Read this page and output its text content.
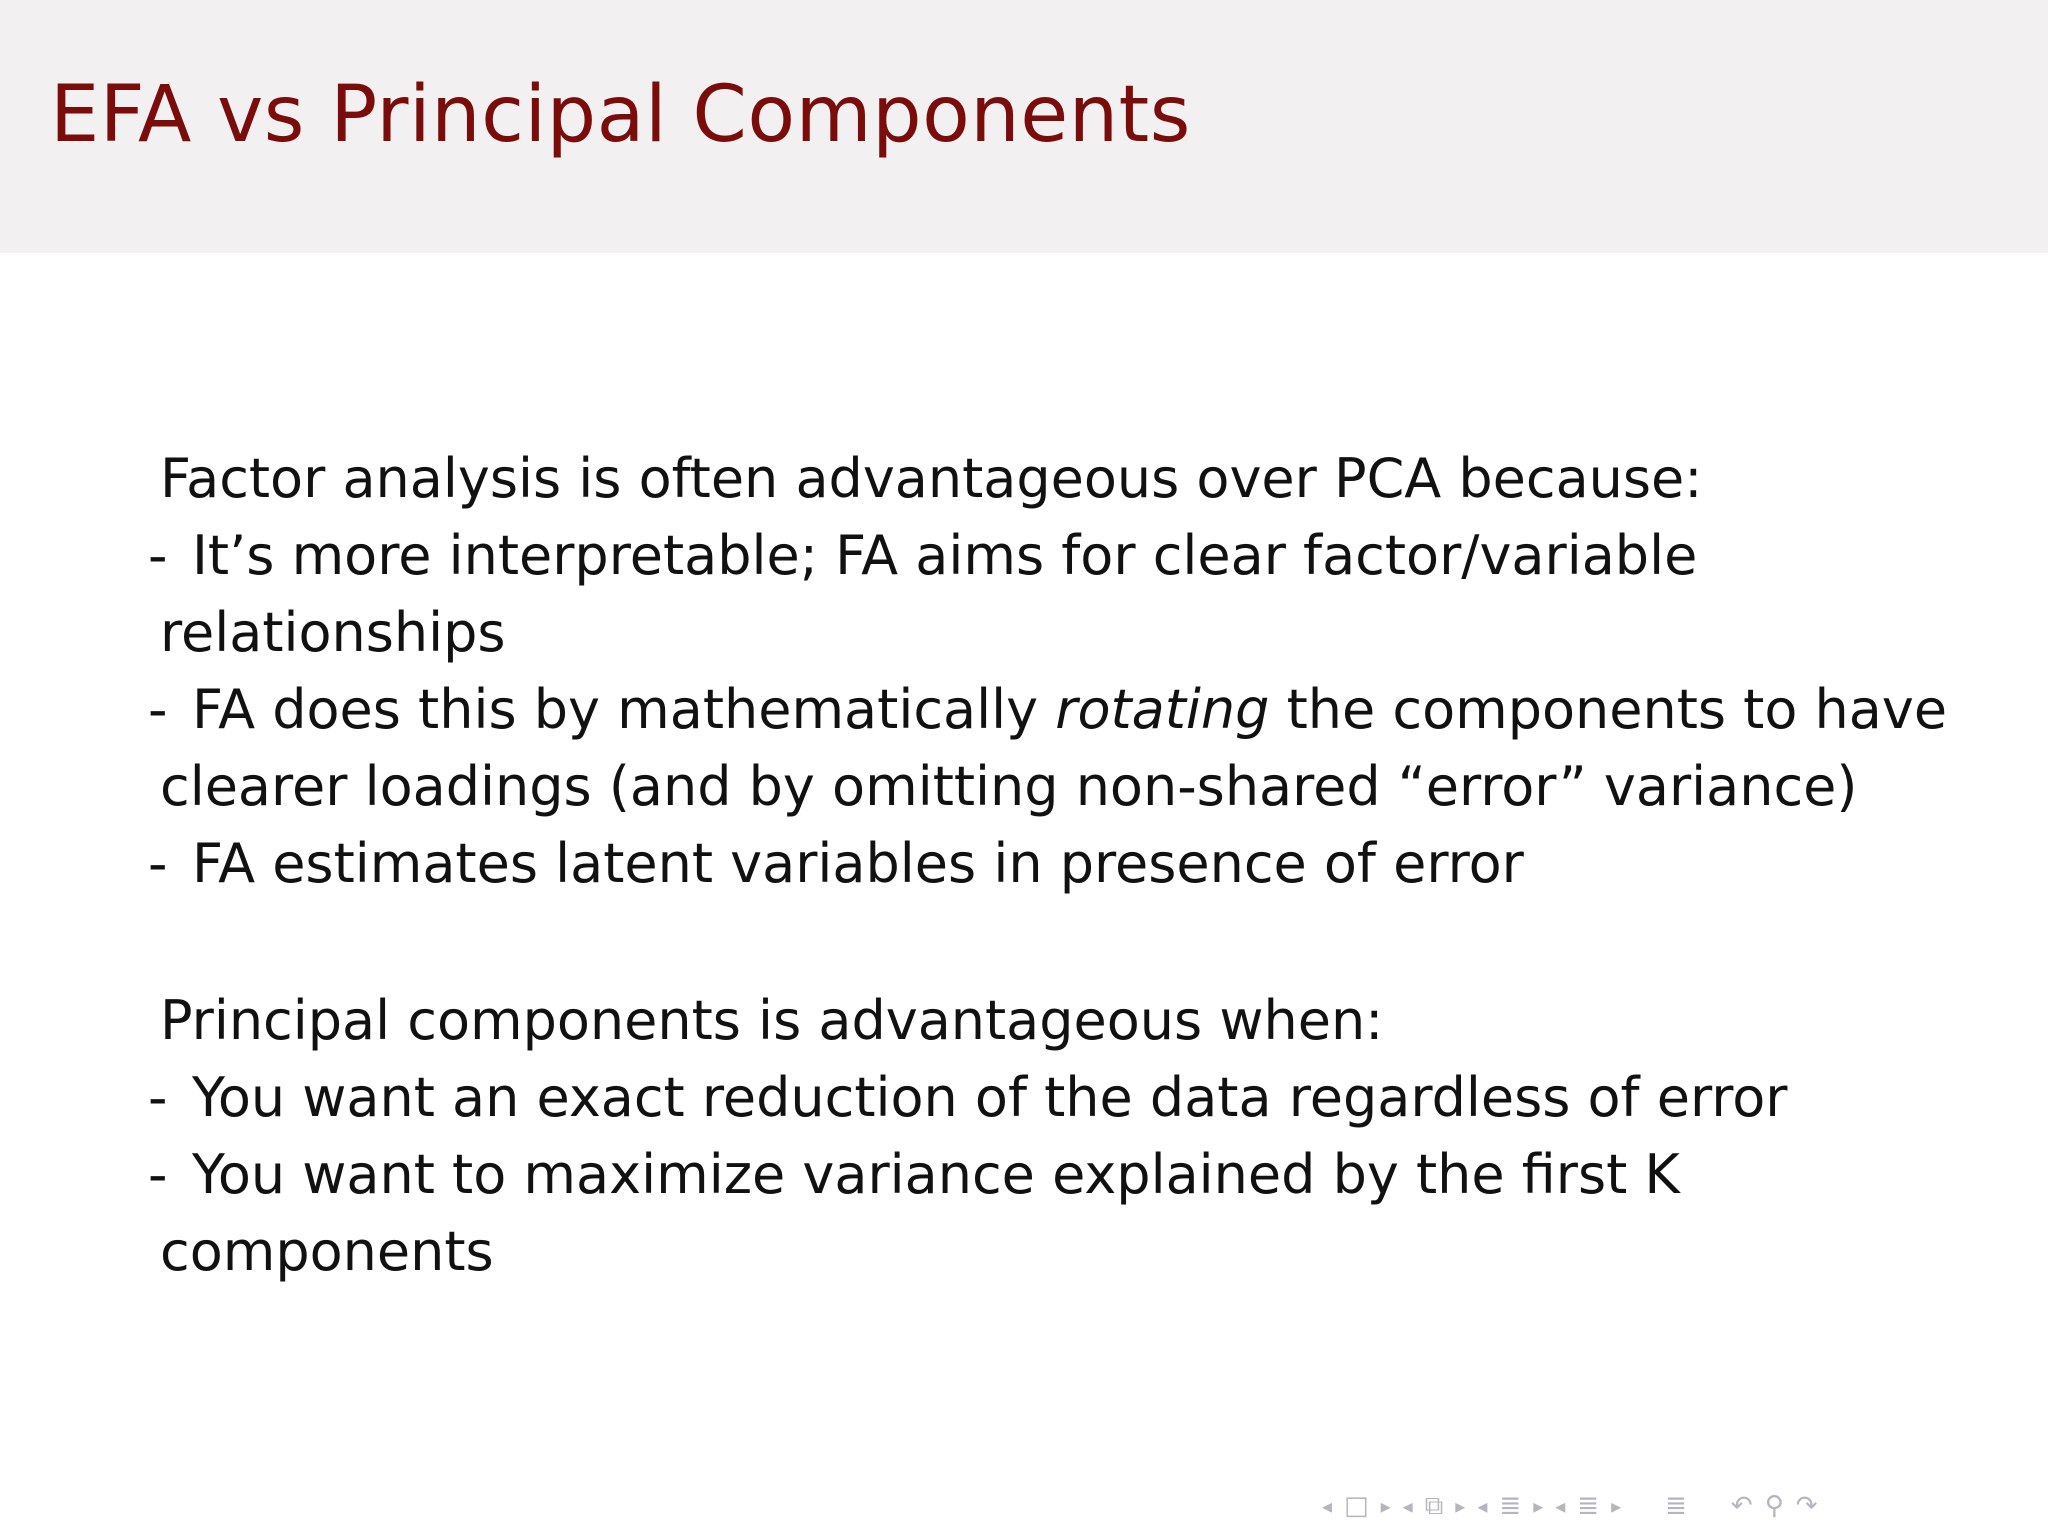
EFA vs Principal Components
Factor analysis is often advantageous over PCA because:
- It’s more interpretable; FA aims for clear factor/variable
relationships
- FA does this by mathematically rotating the components to have
clearer loadings (and by omitting non-shared “error” variance)
- FA estimates latent variables in presence of error
Principal components is advantageous when:
- You want an exact reduction of the data regardless of error
- You want to maximize variance explained by the first K
components
◂ □ ▸ ◂ ⧉ ▸ ◂ ≣ ▸ ◂ ≣ ▸ ≣ ↶ ⚲ ↷
